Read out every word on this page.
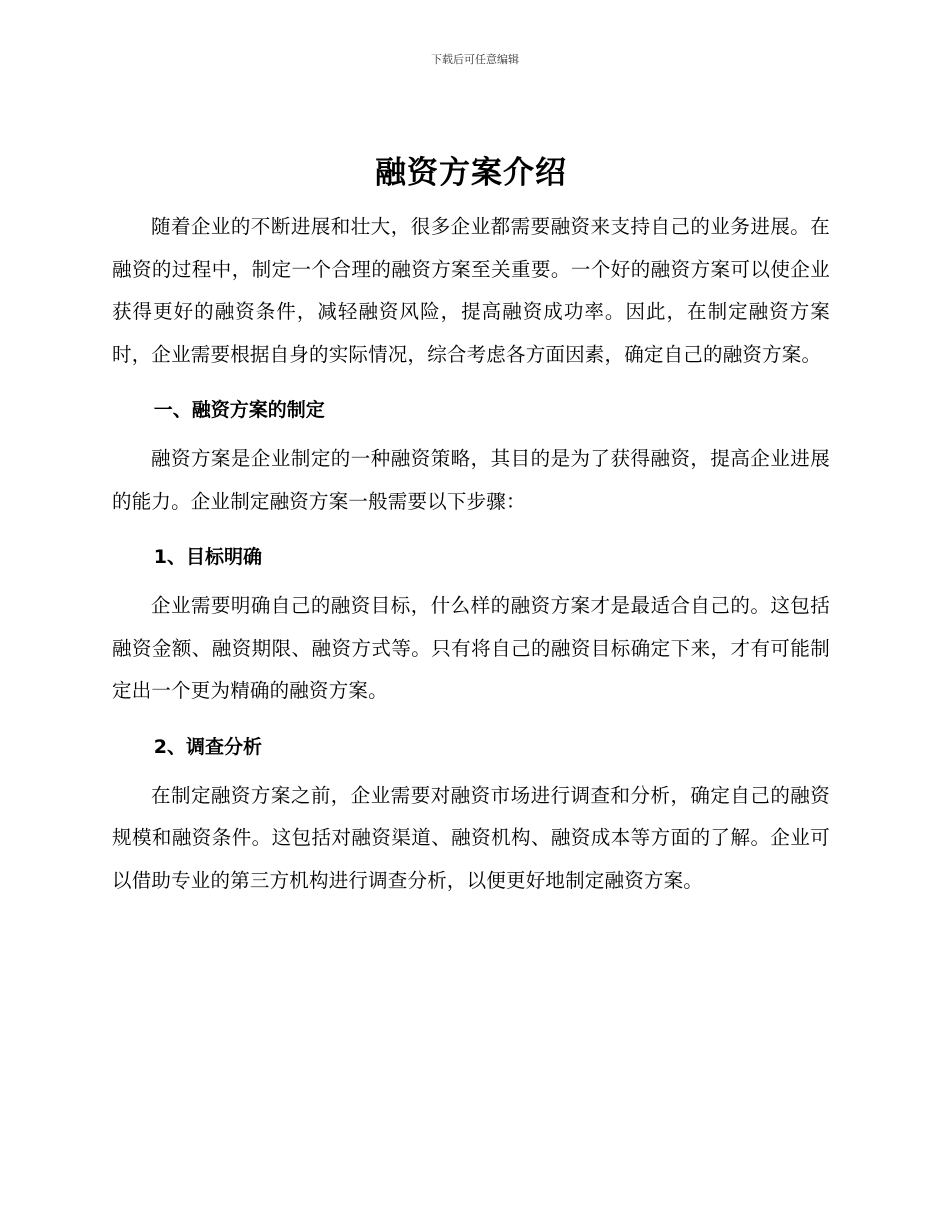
下载后可任意编辑
融资方案介绍

随着企业的不断进展和壮大，很多企业都需要融资来支持自己的业务进展。在融资的过程中，制定一个合理的融资方案至关重要。一个好的融资方案可以使企业获得更好的融资条件，减轻融资风险，提高融资成功率。因此，在制定融资方案时，企业需要根据自身的实际情况，综合考虑各方面因素，确定自己的融资方案。

一、融资方案的制定

融资方案是企业制定的一种融资策略，其目的是为了获得融资，提高企业进展的能力。企业制定融资方案一般需要以下步骤：

1、目标明确

企业需要明确自己的融资目标，什么样的融资方案才是最适合自己的。这包括融资金额、融资期限、融资方式等。只有将自己的融资目标确定下来，才有可能制定出一个更为精确的融资方案。

2、调查分析

在制定融资方案之前，企业需要对融资市场进行调查和分析，确定自己的融资规模和融资条件。这包括对融资渠道、融资机构、融资成本等方面的了解。企业可以借助专业的第三方机构进行调查分析，以便更好地制定融资方案。
